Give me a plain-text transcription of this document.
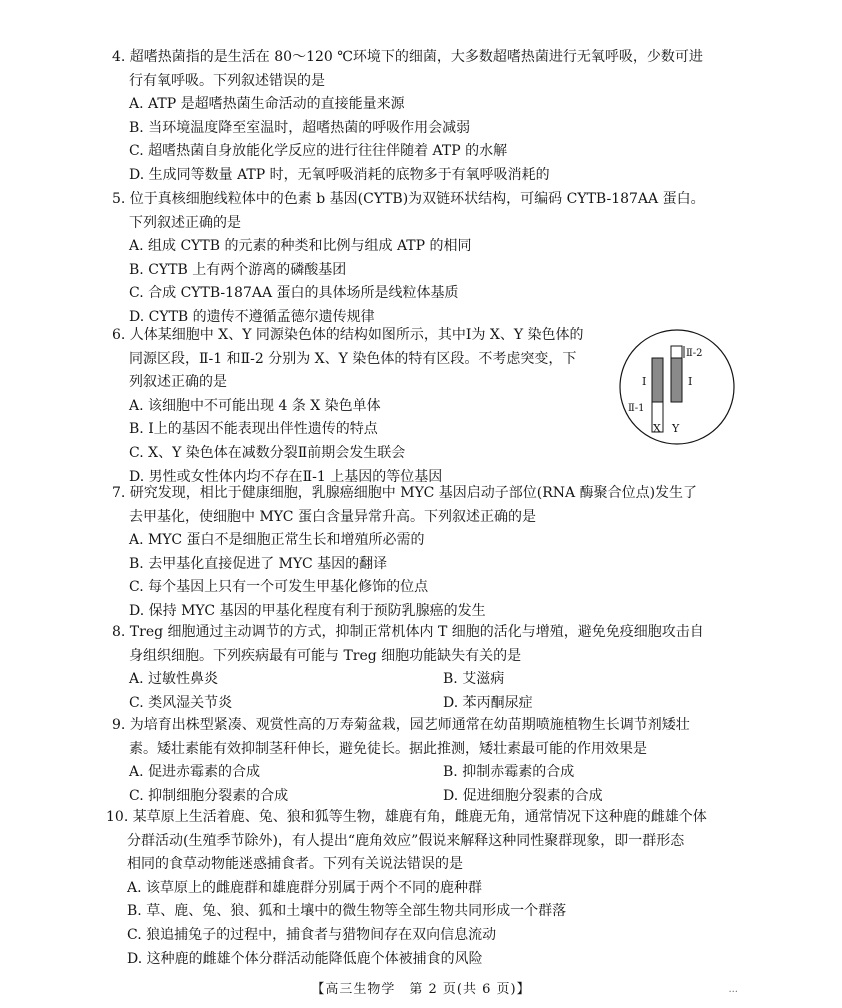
4. 超嗜热菌指的是生活在 80～120 ℃环境下的细菌，大多数超嗜热菌进行无氧呼吸，少数可进
行有氧呼吸。下列叙述错误的是
A. ATP 是超嗜热菌生命活动的直接能量来源
B. 当环境温度降至室温时，超嗜热菌的呼吸作用会减弱
C. 超嗜热菌自身放能化学反应的进行往往伴随着 ATP 的水解
D. 生成同等数量 ATP 时，无氧呼吸消耗的底物多于有氧呼吸消耗的
5. 位于真核细胞线粒体中的色素 b 基因(CYTB)为双链环状结构，可编码 CYTB-187AA 蛋白。
下列叙述正确的是
A. 组成 CYTB 的元素的种类和比例与组成 ATP 的相同
B. CYTB 上有两个游离的磷酸基团
C. 合成 CYTB-187AA 蛋白的具体场所是线粒体基质
D. CYTB 的遗传不遵循孟德尔遗传规律
6. 人体某细胞中 X、Y 同源染色体的结构如图所示，其中Ⅰ为 X、Y 染色体的
同源区段，Ⅱ-1 和Ⅱ-2 分别为 X、Y 染色体的特有区段。不考虑突变，下
列叙述正确的是
A. 该细胞中不可能出现 4 条 X 染色单体
B. Ⅰ上的基因不能表现出伴性遗传的特点
C. X、Y 染色体在减数分裂Ⅱ前期会发生联会
D. 男性或女性体内均不存在Ⅱ-1 上基因的等位基因
Ⅰ	Ⅰ
Ⅱ-2
Ⅱ-1
X Y
7. 研究发现，相比于健康细胞，乳腺癌细胞中 MYC 基因启动子部位(RNA 酶聚合位点)发生了
去甲基化，使细胞中 MYC 蛋白含量异常升高。下列叙述正确的是
A. MYC 蛋白不是细胞正常生长和增殖所必需的
B. 去甲基化直接促进了 MYC 基因的翻译
C. 每个基因上只有一个可发生甲基化修饰的位点
D. 保持 MYC 基因的甲基化程度有利于预防乳腺癌的发生
8. Treg 细胞通过主动调节的方式，抑制正常机体内 T 细胞的活化与增殖，避免免疫细胞攻击自
身组织细胞。下列疾病最有可能与 Treg 细胞功能缺失有关的是
A. 过敏性鼻炎	B. 艾滋病
C. 类风湿关节炎	D. 苯丙酮尿症
9. 为培育出株型紧凑、观赏性高的万寿菊盆栽，园艺师通常在幼苗期喷施植物生长调节剂矮壮
素。矮壮素能有效抑制茎秆伸长，避免徒长。据此推测，矮壮素最可能的作用效果是
A. 促进赤霉素的合成	B. 抑制赤霉素的合成
C. 抑制细胞分裂素的合成	D. 促进细胞分裂素的合成
10. 某草原上生活着鹿、兔、狼和狐等生物，雄鹿有角，雌鹿无角，通常情况下这种鹿的雌雄个体
分群活动(生殖季节除外)，有人提出“鹿角效应”假说来解释这种同性聚群现象，即一群形态
相同的食草动物能迷惑捕食者。下列有关说法错误的是
A. 该草原上的雌鹿群和雄鹿群分别属于两个不同的鹿种群
B. 草、鹿、兔、狼、狐和土壤中的微生物等全部生物共同形成一个群落
C. 狼追捕兔子的过程中，捕食者与猎物间存在双向信息流动
D. 这种鹿的雌雄个体分群活动能降低鹿个体被捕食的风险
【高三生物学　第 2 页(共 6 页)】	...
